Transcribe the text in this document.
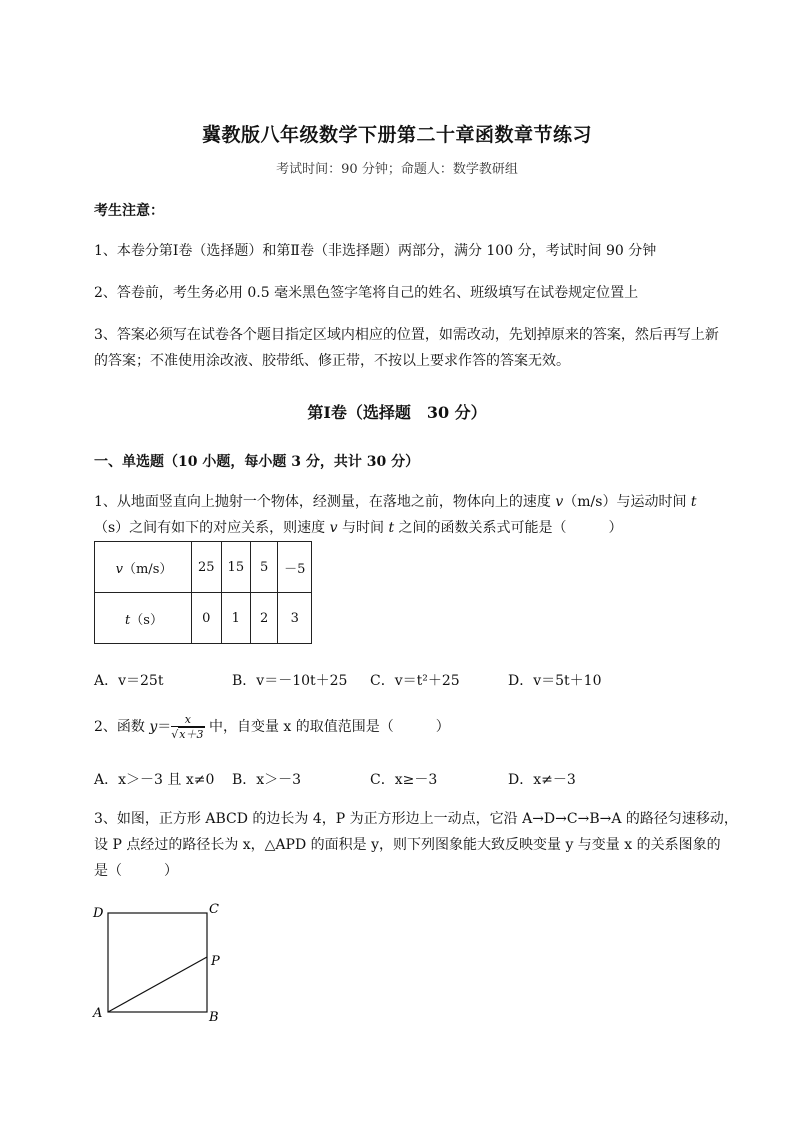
冀教版八年级数学下册第二十章函数章节练习
考试时间：90 分钟；命题人：数学教研组
考生注意：
1、本卷分第Ⅰ卷（选择题）和第Ⅱ卷（非选择题）两部分，满分 100 分，考试时间 90 分钟
2、答卷前，考生务必用 0.5 毫米黑色签字笔将自己的姓名、班级填写在试卷规定位置上
3、答案必须写在试卷各个题目指定区域内相应的位置，如需改动，先划掉原来的答案，然后再写上新
的答案；不准使用涂改液、胶带纸、修正带，不按以上要求作答的答案无效。
第Ⅰ卷（选择题　30 分）
一、单选题（10 小题，每小题 3 分，共计 30 分）
1、从地面竖直向上抛射一个物体，经测量，在落地之前，物体向上的速度 v（m/s）与运动时间 t
（s）之间有如下的对应关系，则速度 v 与时间 t 之间的函数关系式可能是（　　　）
v（m/s）	25	15	5	－5
t（s）	0	1	2	3
A．v＝25t	B．v＝－10t＋25 C．v＝t²＋25	D．v＝5t＋10
2、函数 $y= \frac{x}{√x+3}$ 中，自变量 x 的取值范围是（　　　）
A．x＞－3 且 x≠0 B．x＞－3	C．x≥－3	D．x≠－3
3、如图，正方形 ABCD 的边长为 4，P 为正方形边上一动点，它沿 A→D→C→B→A 的路径匀速移动，
设 P 点经过的路径长为 x，△APD 的面积是 y，则下列图象能大致反映变量 y 与变量 x 的关系图象的
是（　　　）
D	C
P
A	B
